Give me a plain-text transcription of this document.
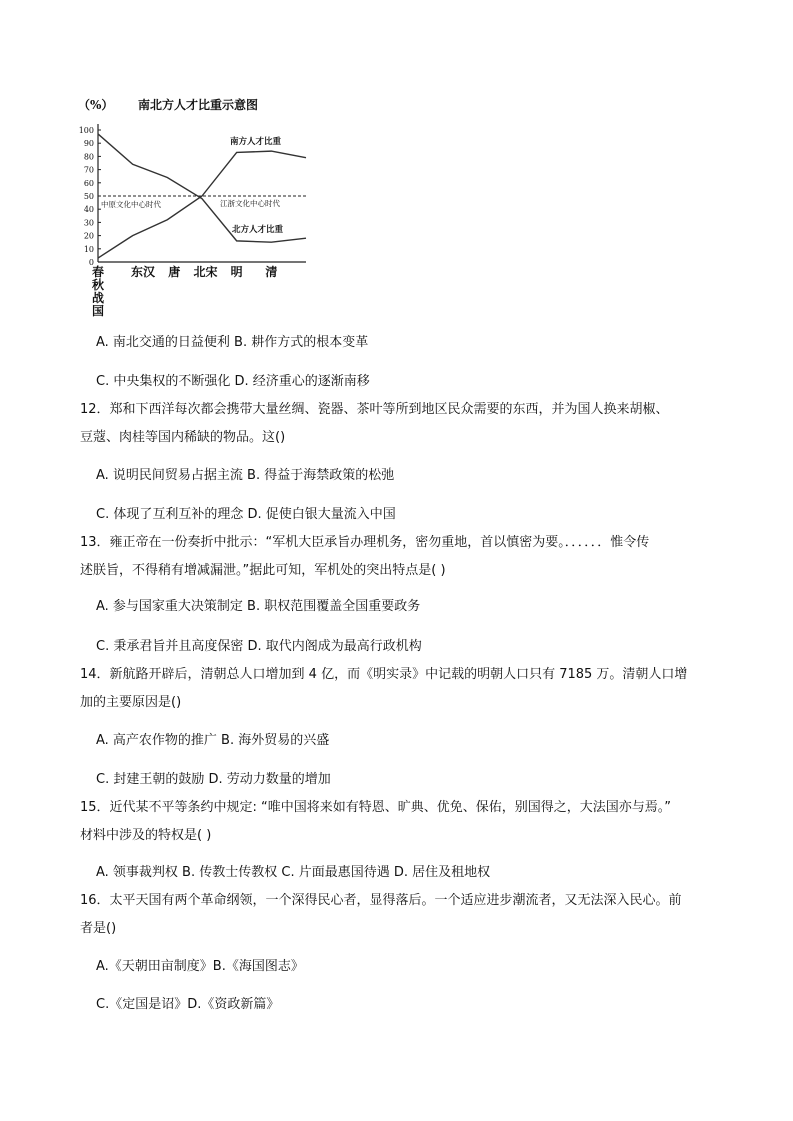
（%） 南北方人才比重示意图
0
10
20
30
40
50
60
70
80
90
100
春秋战国
东汉 唐 北宋 明 清
南方人才比重
北方人才比重
中原文化中心时代	江浙文化中心时代
A. 南北交通的日益便利 B. 耕作方式的根本变革
C. 中央集权的不断强化 D. 经济重心的逐渐南移
12．郑和下西洋每次都会携带大量丝绸、瓷器、茶叶等所到地区民众需要的东西，并为国人换来胡椒、
豆蔻、肉桂等国内稀缺的物品。这()
A. 说明民间贸易占据主流 B. 得益于海禁政策的松弛
C. 体现了互利互补的理念 D. 促使白银大量流入中国
13．雍正帝在一份奏折中批示：“军机大臣承旨办理机务，密勿重地，首以慎密为要。．．．．．．惟令传
述朕旨，不得稍有增减漏泄。”据此可知，军机处的突出特点是( )
A. 参与国家重大决策制定 B. 职权范围覆盖全国重要政务
C. 秉承君旨并且高度保密 D. 取代内阁成为最高行政机构
14．新航路开辟后，清朝总人口增加到 4 亿，而《明实录》中记载的明朝人口只有 7185 万。清朝人口增
加的主要原因是()
A. 高产农作物的推广 B. 海外贸易的兴盛
C. 封建王朝的鼓励 D. 劳动力数量的增加
15．近代某不平等条约中规定: “唯中国将来如有特恩、旷典、优免、保佑，别国得之，大法国亦与焉。”
材料中涉及的特权是( )
A. 领事裁判权 B. 传教士传教权 C. 片面最惠国待遇 D. 居住及租地权
16．太平天国有两个革命纲领，一个深得民心者，显得落后。一个适应进步潮流者，又无法深入民心。前
者是()
A.《天朝田亩制度》B.《海国图志》
C.《定国是诏》D.《资政新篇》
